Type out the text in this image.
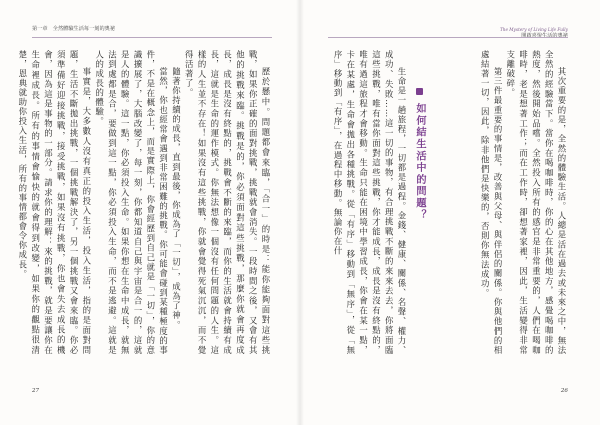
第一章　全然體驗生活每一刻的奧祕

歷於懸中。問題都會來臨，「合一」的時是：能你能夠面對這些挑戰，如果你正確的面對挑戰，挑戰就會消失。一段時間之後，又會有其他的挑戰來臨。挑戰是的，你必須面對這些挑戰，那麼你就會再度成長，成長是沒有終點的，挑戰會不斷的來臨，而你的生活就會持續有成長，這就是生命的運作模式。你無法想像一個沒有任何問題的人生。這樣的人生並不存在！如果沒有這些挑戰，你就會覺得死氣沉沉，而不覺得活著了。

隨著你持續的成長，直到最後，你成為了「一切」，成為了神。

當然，你也經常會遇到非常困難的挑戰。你可能會碰到某種極度的事件，不是在概念上，而是實際上，你會經歷到自己就是「一切」，你的意識擴展了，大腦改變了，每一刻，你都知道自己與宇宙是合一的，這就是人的體驗。這一點，你必須投入生命。如果你想在生命中成長，就無法到處都是合，要做到這一點，你必須投入生命，而不是逃避。這就是人的成長的體驗。

事實是，大多數人沒有真正的投入生活，投入生活，指的是面對問題，生活不斷拋出挑戰，一個挑戰解決了，另一個挑戰又會來臨。你必須準備好迎接挑戰，接受挑戰，如果沒有挑戰，你也會失去成長的機會，因為這是事物的一部分。請求你的理解：來的挑戰，就是要讓你在生命裡成長。所有的事情會愉快的就會得到改變，如果你的觀點很清楚，恩典就助你投入生活，所有的事情都會令你成長。

27
The Mystery of Living Life Fully
開啟喜悅生活的奧祕

其次重要的是，全然的體驗生活。人總是活在過去或未來之中，無法全然的經驗當下。當你在喝咖啡時，你的心在其他地方，感覺喝咖啡的熱度，然後開始品嚐。全然投入所有的感官是非常重要的，人們在喝咖啡時，老是想著工作；而在工作時，卻想著家裡，因此，生活變得非常支離破碎。

第三件最重要的事情是，改善與父母、與伴侶的關係。你與他們的相處結著一切，因此，除非他們是快樂的，否則你無法成功。

如何結生活中的問題？

生命是一趟旅程，一切都是過程。金錢、健康、關係、名聲、權力、成功、失敗……這一切的事物，有合理挑戰不斷的來來去去，你將面臨這些挑戰，唯有當你面對這些挑戰，你才能成長，成長是沒有終點的，唯有過這旅程才會移動。生命只能在困境中學習成長，你會在某一點，卡在某處，生命會拋出各種挑戰。從「有序」移動到「無序」，從「無序」移動到「有序」，在過程中移動。無論你在什

26
